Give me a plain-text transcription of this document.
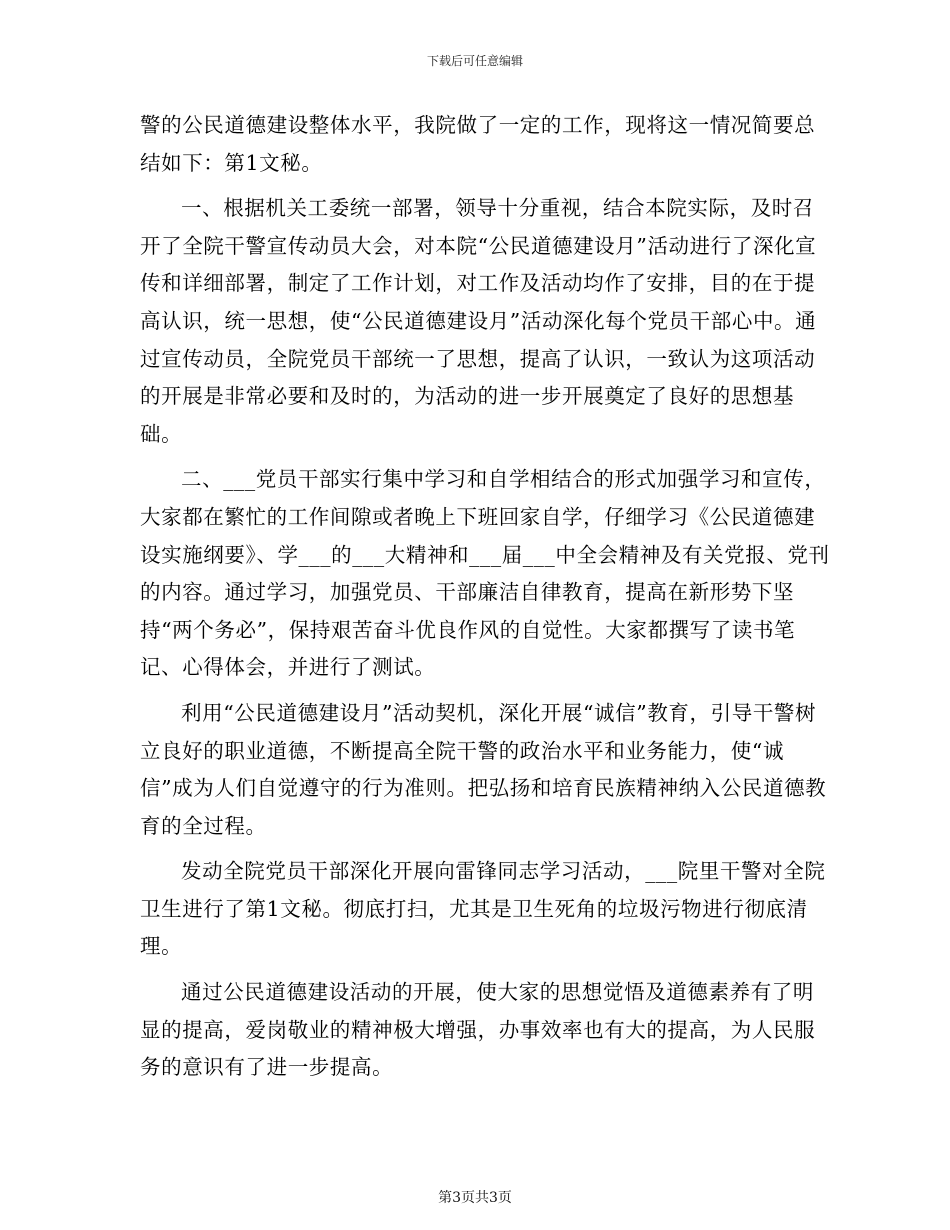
下载后可任意编辑

警的公民道德建设整体水平，我院做了一定的工作，现将这一情况简要总结如下：第1文秘。

一、根据机关工委统一部署，领导十分重视，结合本院实际，及时召开了全院干警宣传动员大会，对本院“公民道德建设月”活动进行了深化宣传和详细部署，制定了工作计划，对工作及活动均作了安排，目的在于提高认识，统一思想，使“公民道德建设月”活动深化每个党员干部心中。通过宣传动员，全院党员干部统一了思想，提高了认识，一致认为这项活动的开展是非常必要和及时的，为活动的进一步开展奠定了良好的思想基础。

二、___党员干部实行集中学习和自学相结合的形式加强学习和宣传，大家都在繁忙的工作间隙或者晚上下班回家自学，仔细学习《公民道德建设实施纲要》、学___的___大精神和___届___中全会精神及有关党报、党刊的内容。通过学习，加强党员、干部廉洁自律教育，提高在新形势下坚持“两个务必”，保持艰苦奋斗优良作风的自觉性。大家都撰写了读书笔记、心得体会，并进行了测试。

利用“公民道德建设月”活动契机，深化开展“诚信”教育，引导干警树立良好的职业道德，不断提高全院干警的政治水平和业务能力，使“诚信”成为人们自觉遵守的行为准则。把弘扬和培育民族精神纳入公民道德教育的全过程。

发动全院党员干部深化开展向雷锋同志学习活动，___院里干警对全院卫生进行了第1文秘。彻底打扫，尤其是卫生死角的垃圾污物进行彻底清理。

通过公民道德建设活动的开展，使大家的思想觉悟及道德素养有了明显的提高，爱岗敬业的精神极大增强，办事效率也有大的提高，为人民服务的意识有了进一步提高。

第3页共3页
